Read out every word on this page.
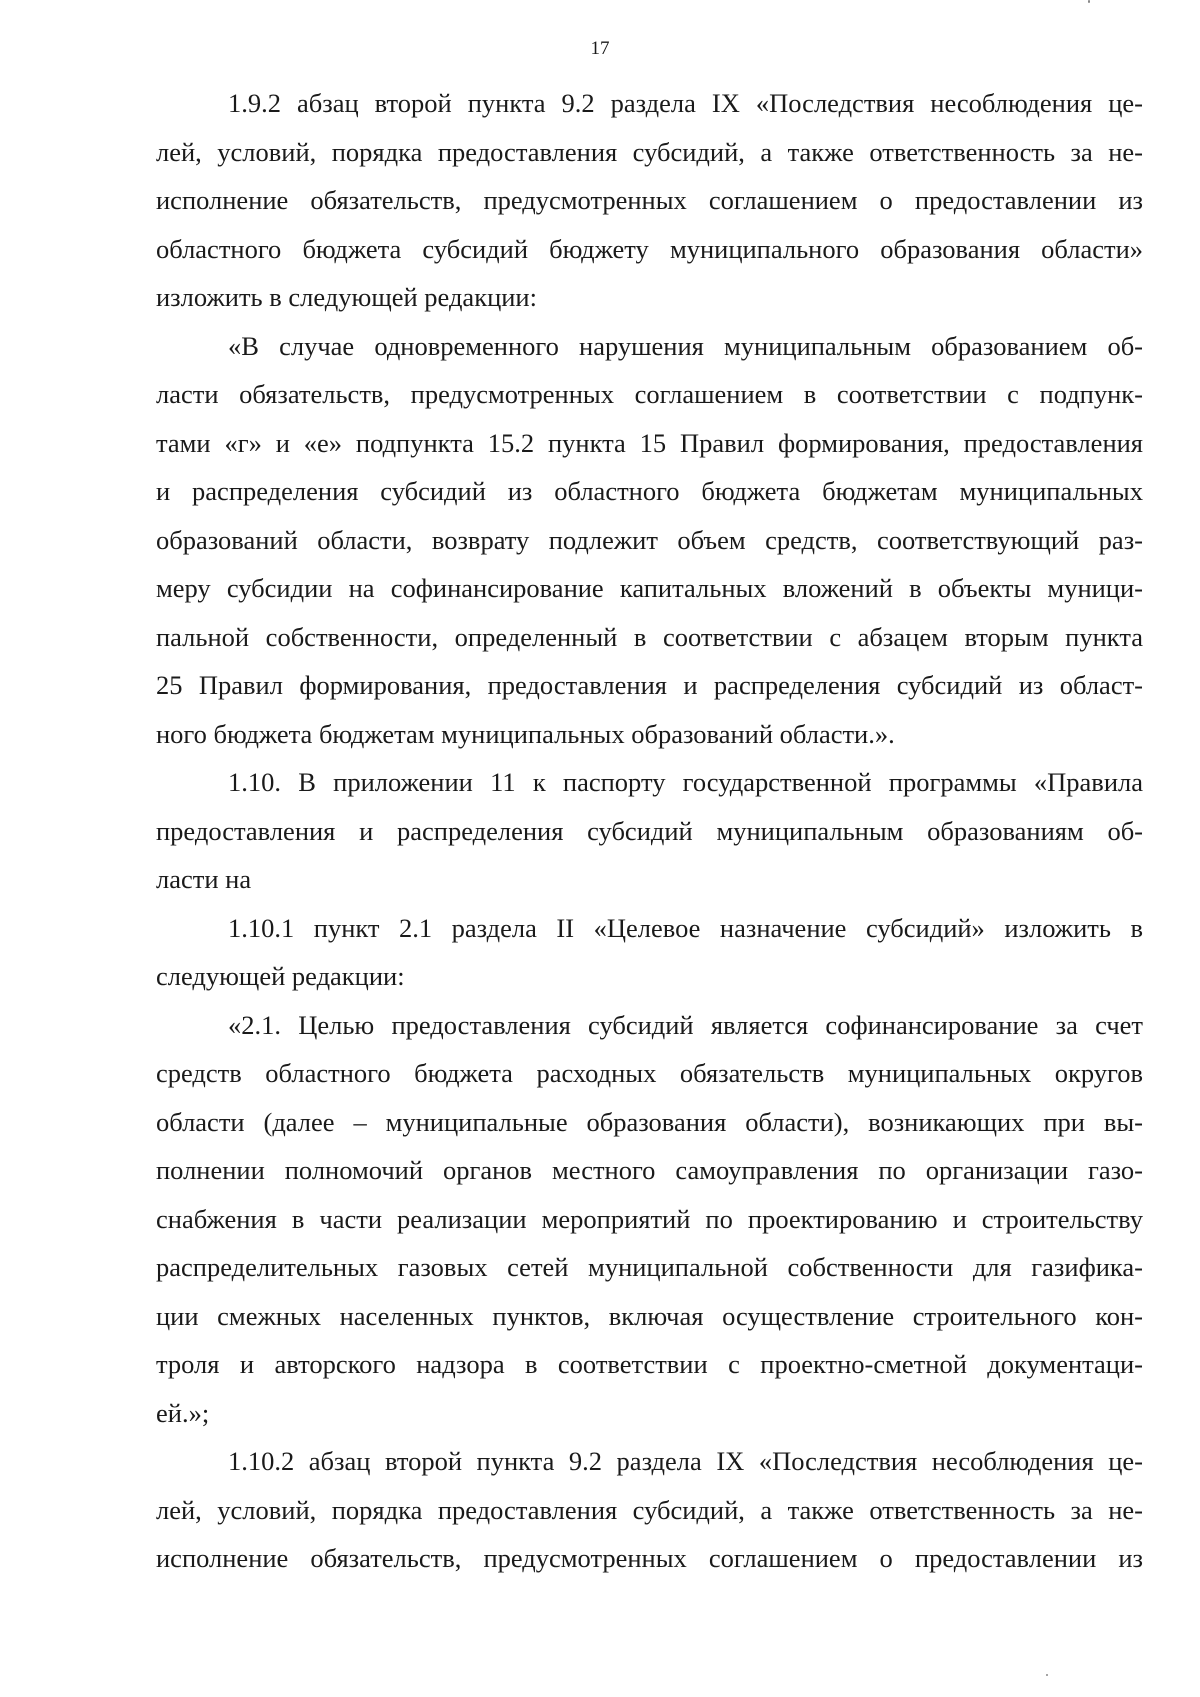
17
1.9.2 абзац второй пункта 9.2 раздела IX «Последствия несоблюдения це-
лей, условий, порядка предоставления субсидий, а также ответственность за не-
исполнение обязательств, предусмотренных соглашением о предоставлении из
областного бюджета субсидий бюджету муниципального образования области»
изложить в следующей редакции:
«В случае одновременного нарушения муниципальным образованием об-
ласти обязательств, предусмотренных соглашением в соответствии с подпунк-
тами «г» и «е» подпункта 15.2 пункта 15 Правил формирования, предоставления
и распределения субсидий из областного бюджета бюджетам муниципальных
образований области, возврату подлежит объем средств, соответствующий раз-
меру субсидии на софинансирование капитальных вложений в объекты муници-
пальной собственности, определенный в соответствии с абзацем вторым пункта
25 Правил формирования, предоставления и распределения субсидий из област-
ного бюджета бюджетам муниципальных образований области.».
1.10. В приложении 11 к паспорту государственной программы «Правила
предоставления и распределения субсидий муниципальным образованиям об-
ласти на
1.10.1 пункт 2.1 раздела II «Целевое назначение субсидий» изложить в
следующей редакции:
«2.1. Целью предоставления субсидий является софинансирование за счет
средств областного бюджета расходных обязательств муниципальных округов
области (далее – муниципальные образования области), возникающих при вы-
полнении полномочий органов местного самоуправления по организации газо-
снабжения в части реализации мероприятий по проектированию и строительству
распределительных газовых сетей муниципальной собственности для газифика-
ции смежных населенных пунктов, включая осуществление строительного кон-
троля и авторского надзора в соответствии с проектно-сметной документаци-
ей.»;
1.10.2 абзац второй пункта 9.2 раздела IX «Последствия несоблюдения це-
лей, условий, порядка предоставления субсидий, а также ответственность за не-
исполнение обязательств, предусмотренных соглашением о предоставлении из
